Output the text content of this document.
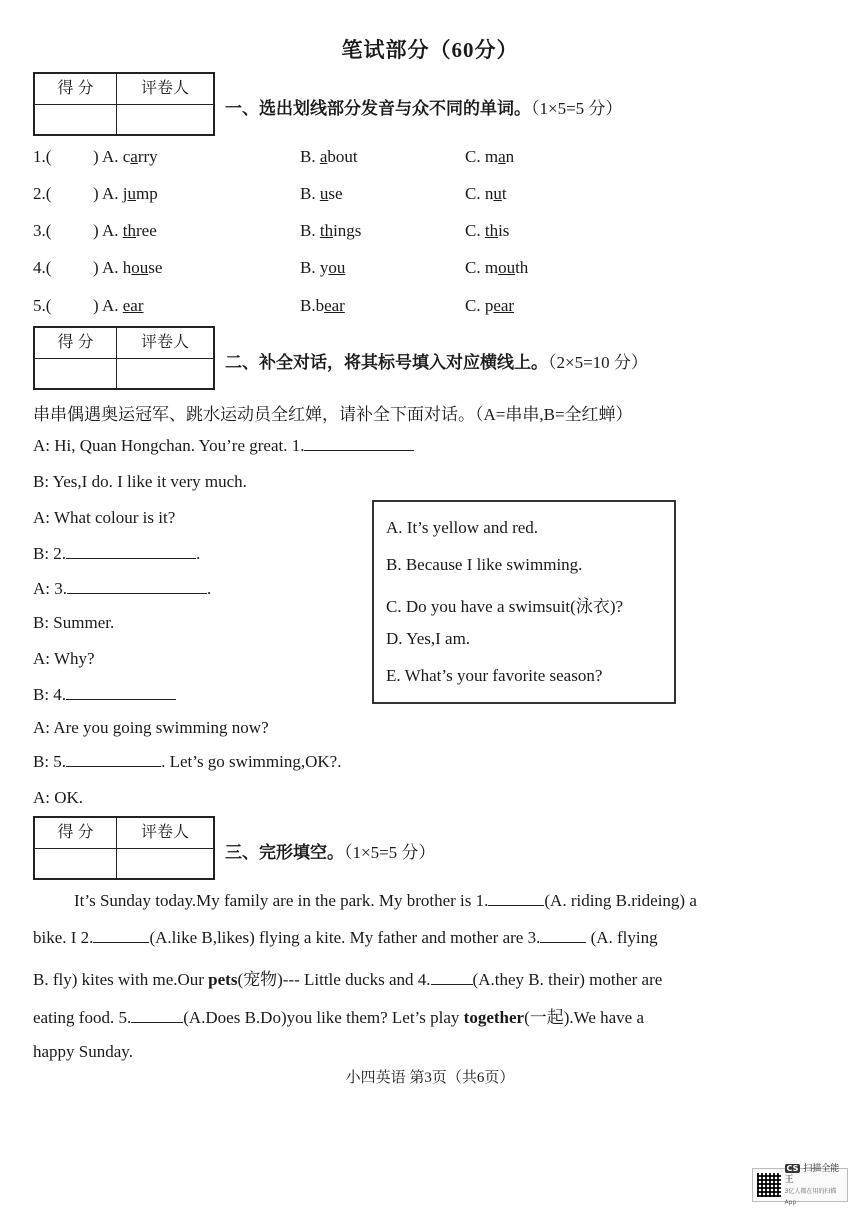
笔试部分（60分）
得 分	评卷人
一、选出划线部分发音与众不同的单词。（1×5=5 分）
1.( ) A. carry	B. about	C. man
2.( ) A. jump	B. use	C. nut
3.( ) A. three	B. things	C. this
4.( ) A. house	B. you	C. mouth
5.( ) A. ear	B.bear	C. pear
得 分	评卷人
二、补全对话，将其标号填入对应横线上。（2×5=10 分）
串串偶遇奥运冠军、跳水运动员全红婵，请补全下面对话。（A=串串,B=全红蝉）
A: Hi, Quan Hongchan. You’re great. 1.
B: Yes,I do. I like it very much.
A: What colour is it?
B: 2.	.
A: 3.	.
B: Summer.
A: Why?
B: 4.
A: Are you going swimming now?
B: 5.	. Let’s go swimming,OK?.
A: OK.
A. It’s yellow and red.
B. Because I like swimming.
C. Do you have a swimsuit(泳衣)?
D. Yes,I am.
E. What’s your favorite season?
得 分	评卷人
三、完形填空。（1×5=5 分）
It’s Sunday today.My family are in the park. My brother is 1.	(A. riding B.rideing) a
bike. I 2.	(A.like B,likes) flying a kite. My father and mother are 3.	(A. flying
B. fly) kites with me.Our pets(宠物)--- Little ducks and 4. (A.they B. their) mother are
eating food. 5.	(A.Does B.Do)you like them? Let’s play together(一起).We have a
happy Sunday.
小四英语 第3页（共6页）
CS 扫描全能王
3亿人都在用的扫描App
